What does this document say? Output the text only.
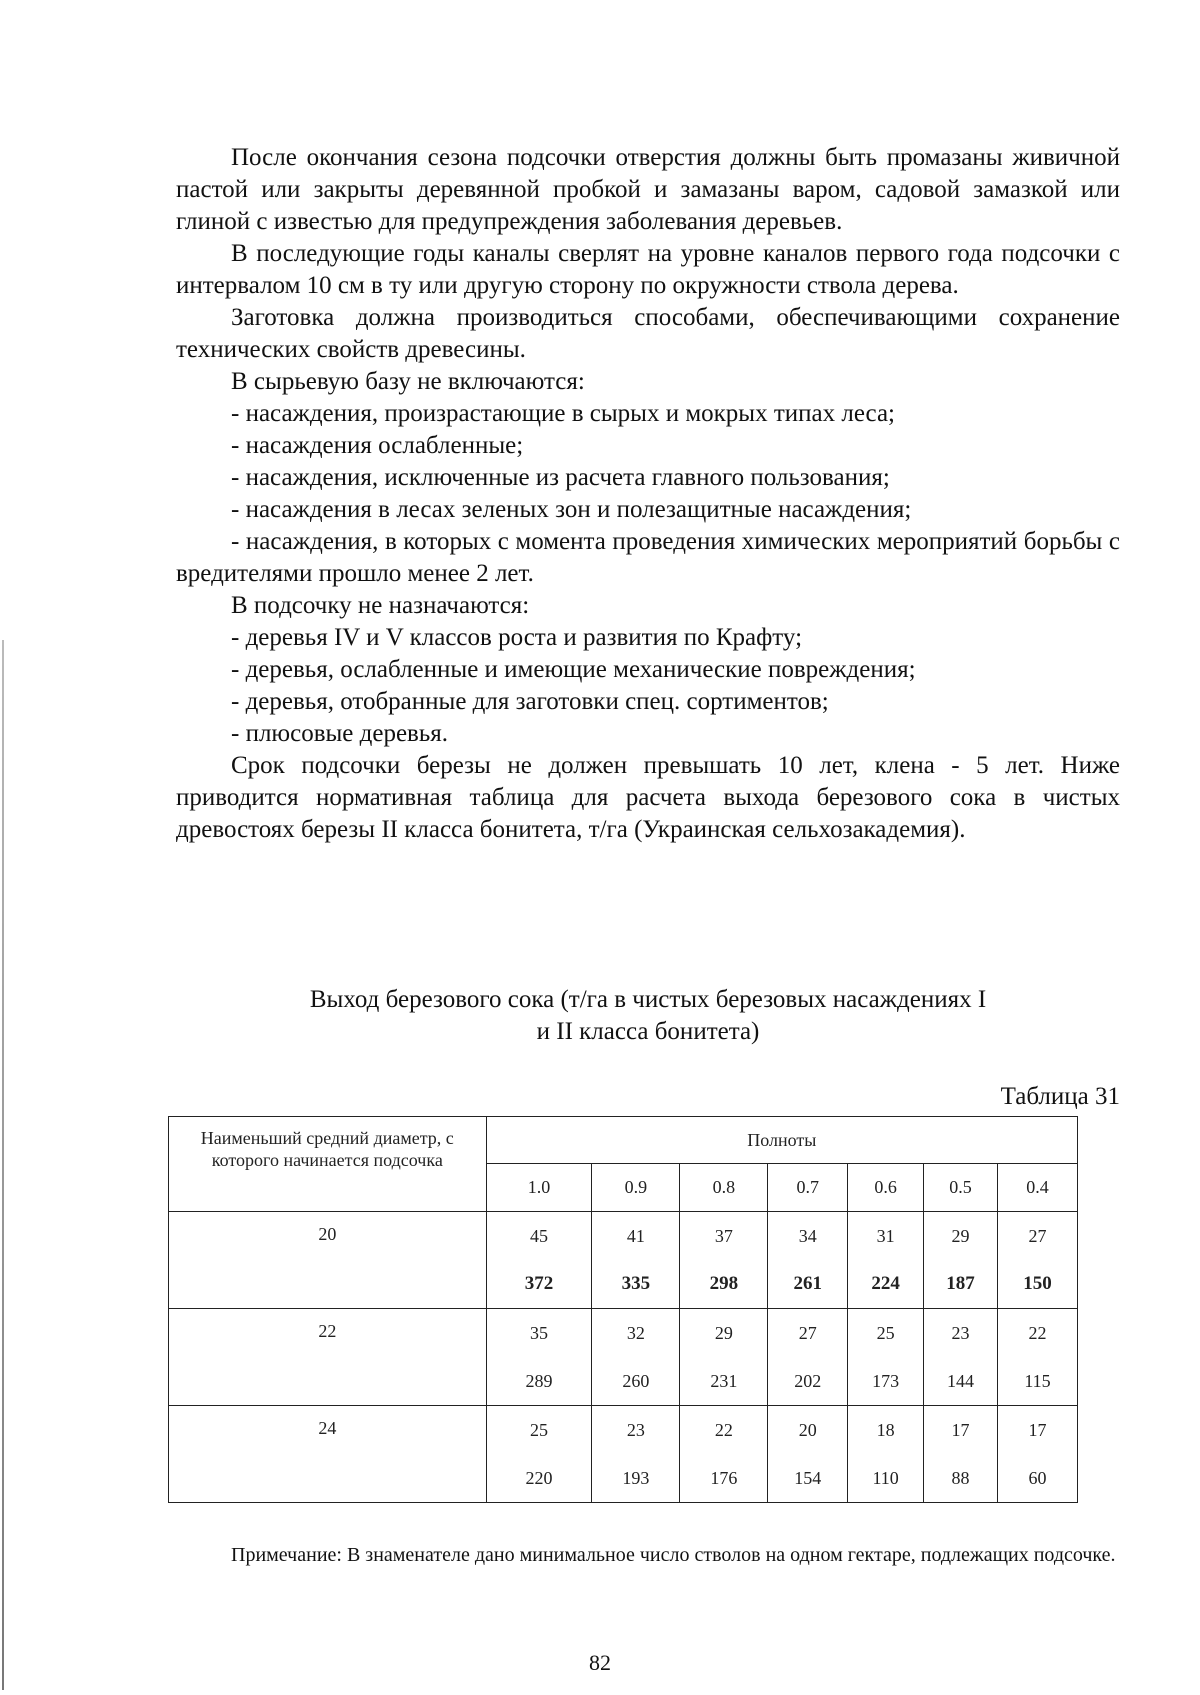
После окончания сезона подсочки отверстия должны быть промазаны живичной пастой или закрыты деревянной пробкой и замазаны варом, садовой замазкой или глиной с известью для предупреждения заболевания деревьев.

В последующие годы каналы сверлят на уровне каналов первого года подсочки с интервалом 10 см в ту или другую сторону по окружности ствола дерева.

Заготовка должна производиться способами, обеспечивающими сохранение технических свойств древесины.

В сырьевую базу не включаются:

- насаждения, произрастающие в сырых и мокрых типах леса;

- насаждения ослабленные;

- насаждения, исключенные из расчета главного пользования;

- насаждения в лесах зеленых зон и полезащитные насаждения;

- насаждения, в которых с момента проведения химических мероприятий борьбы с вредителями прошло менее 2 лет.

В подсочку не назначаются:

- деревья IV и V классов роста и развития по Крафту;

- деревья, ослабленные и имеющие механические повреждения;

- деревья, отобранные для заготовки спец. сортиментов;

- плюсовые деревья.

Срок подсочки березы не должен превышать 10 лет, клена - 5 лет. Ниже приводится нормативная таблица для расчета выхода березового сока в чистых древостоях березы II класса бонитета, т/га (Украинская сельхозакадемия).

Выход березового сока (т/га в чистых березовых насаждениях I
и II класса бонитета)
Таблица 31
Наименьший средний диаметр, с которого начинается подсочка	Полноты						
	1.0	0.9	0.8	0.7	0.6	0.5	0.4
20	45	41	37	34	31	29	27
	372	335	298	261	224	187	150
22	35	32	29	27	25	23	22
	289	260	231	202	173	144	115
24	25	23	22	20	18	17	17
	220	193	176	154	110	88	60

Примечание: В знаменателе дано минимальное число стволов на одном гектаре, подлежащих подсочке.

82
